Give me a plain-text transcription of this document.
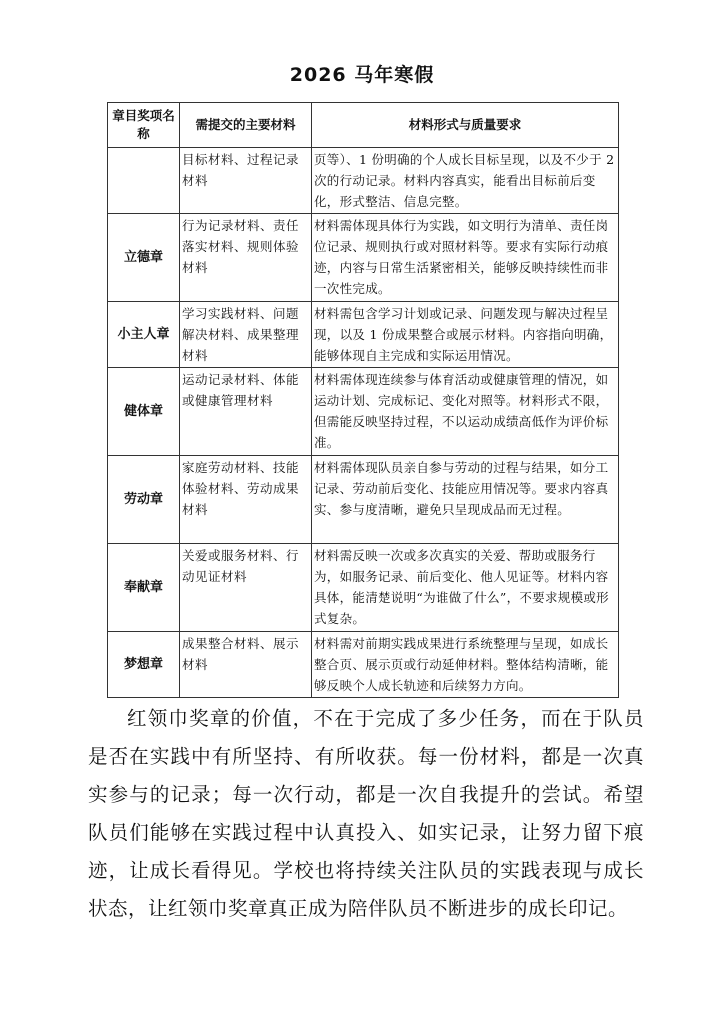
2026 马年寒假
章目奖项名称	需提交的主要材料	材料形式与质量要求
	目标材料、过程记录材料	页等）、1 份明确的个人成长目标呈现，以及不少于 2 次的行动记录。材料内容真实，能看出目标前后变化，形式整洁、信息完整。
立德章	行为记录材料、责任落实材料、规则体验材料	材料需体现具体行为实践，如文明行为清单、责任岗位记录、规则执行或对照材料等。要求有实际行动痕迹，内容与日常生活紧密相关，能够反映持续性而非一次性完成。
小主人章	学习实践材料、问题解决材料、成果整理材料	材料需包含学习计划或记录、问题发现与解决过程呈现，以及 1 份成果整合或展示材料。内容指向明确，能够体现自主完成和实际运用情况。
健体章	运动记录材料、体能或健康管理材料	材料需体现连续参与体育活动或健康管理的情况，如运动计划、完成标记、变化对照等。材料形式不限，但需能反映坚持过程，不以运动成绩高低作为评价标准。
劳动章	家庭劳动材料、技能体验材料、劳动成果材料	材料需体现队员亲自参与劳动的过程与结果，如分工记录、劳动前后变化、技能应用情况等。要求内容真实、参与度清晰，避免只呈现成品而无过程。
奉献章	关爱或服务材料、行动见证材料	材料需反映一次或多次真实的关爱、帮助或服务行为，如服务记录、前后变化、他人见证等。材料内容具体，能清楚说明“为谁做了什么”，不要求规模或形式复杂。
梦想章	成果整合材料、展示材料	材料需对前期实践成果进行系统整理与呈现，如成长整合页、展示页或行动延伸材料。整体结构清晰，能够反映个人成长轨迹和后续努力方向。

红领巾奖章的价值，不在于完成了多少任务，而在于队员是否在实践中有所坚持、有所收获。每一份材料，都是一次真实参与的记录；每一次行动，都是一次自我提升的尝试。希望队员们能够在实践过程中认真投入、如实记录，让努力留下痕迹，让成长看得见。学校也将持续关注队员的实践表现与成长状态，让红领巾奖章真正成为陪伴队员不断进步的成长印记。
